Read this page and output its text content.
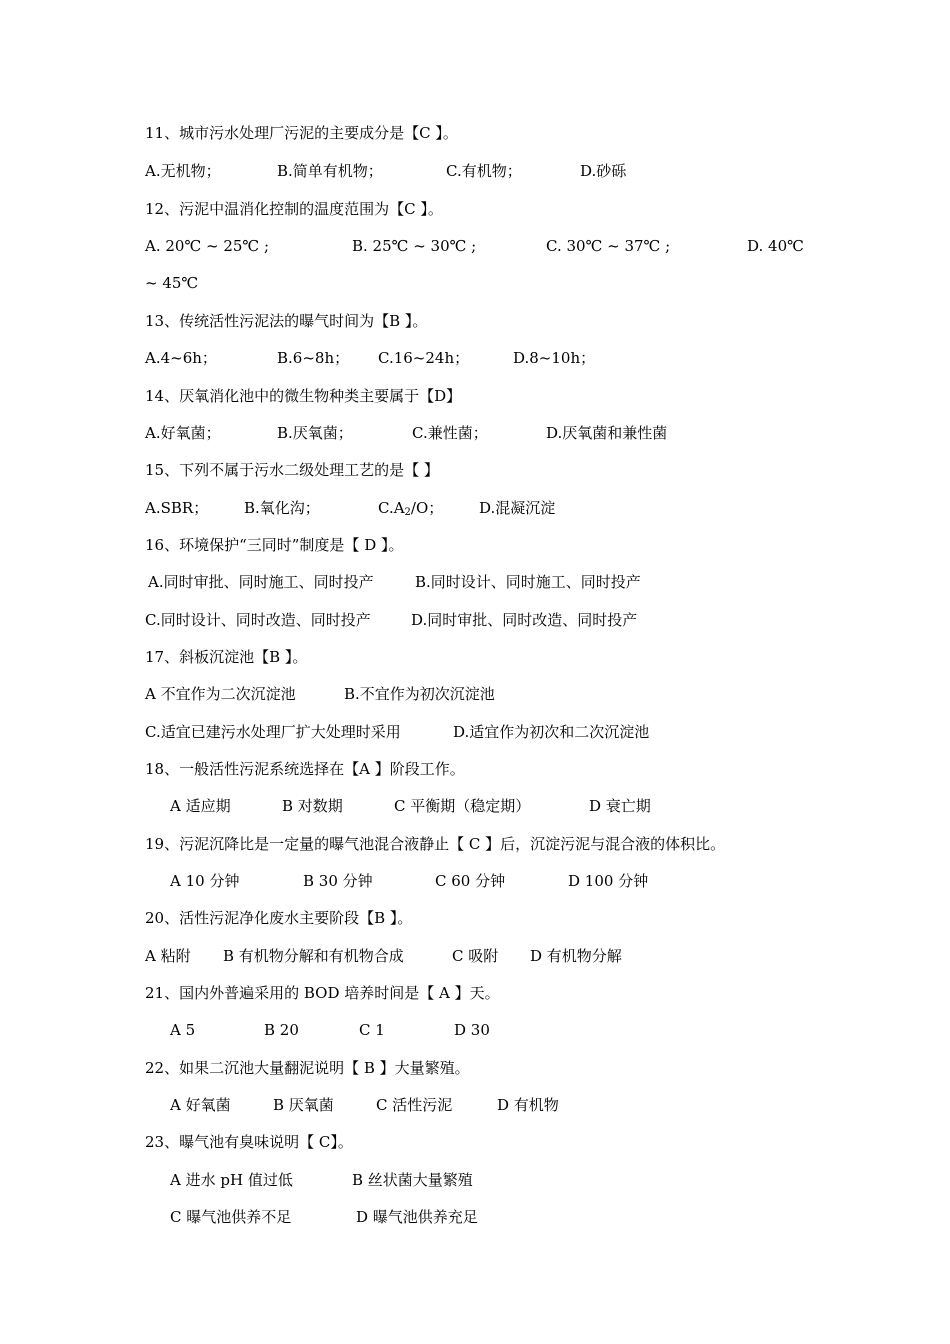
11、城市污水处理厂污泥的主要成分是【C 】。
A.无机物；	B.简单有机物；	C.有机物；	D.砂砾
12、污泥中温消化控制的温度范围为【C 】。
A. 20℃ ~ 25℃ ;	B. 25℃ ~ 30℃ ;	C. 30℃ ~ 37℃ ;	D. 40℃
~ 45℃
13、传统活性污泥法的曝气时间为【B 】。
A.4~6h；	B.6~8h； C.16~24h；	D.8~10h；
14、厌氧消化池中的微生物种类主要属于【D】
A.好氧菌；	B.厌氧菌；	C.兼性菌；	D.厌氧菌和兼性菌
15、下列不属于污水二级处理工艺的是【 】
A.SBR； B.氧化沟；	$C.A_2/O$； D.混凝沉淀
16、环境保护“三同时”制度是【 D 】。
A.同时审批、同时施工、同时投产	B.同时设计、同时施工、同时投产
C.同时设计、同时改造、同时投产	D.同时审批、同时改造、同时投产
17、斜板沉淀池【B 】。
A 不宜作为二次沉淀池	B.不宜作为初次沉淀池
C.适宜已建污水处理厂扩大处理时采用	D.适宜作为初次和二次沉淀池
18、一般活性污泥系统选择在【A 】阶段工作。
A 适应期	B 对数期	C 平衡期（稳定期）	D 衰亡期
19、污泥沉降比是一定量的曝气池混合液静止【 C 】后，沉淀污泥与混合液的体积比。
A 10 分钟	B 30 分钟	C 60 分钟	D 100 分钟
20、活性污泥净化废水主要阶段【B 】。
A 粘附 B 有机物分解和有机物合成	C 吸附 D 有机物分解
21、国内外普遍采用的 BOD 培养时间是【 A 】天。
A 5	B 20	C 1	D 30
22、如果二沉池大量翻泥说明【 B 】大量繁殖。
A 好氧菌	B 厌氧菌	C 活性污泥	D 有机物
23、曝气池有臭味说明【 C】。
A 进水 pH 值过低	B 丝状菌大量繁殖
C 曝气池供养不足	D 曝气池供养充足
